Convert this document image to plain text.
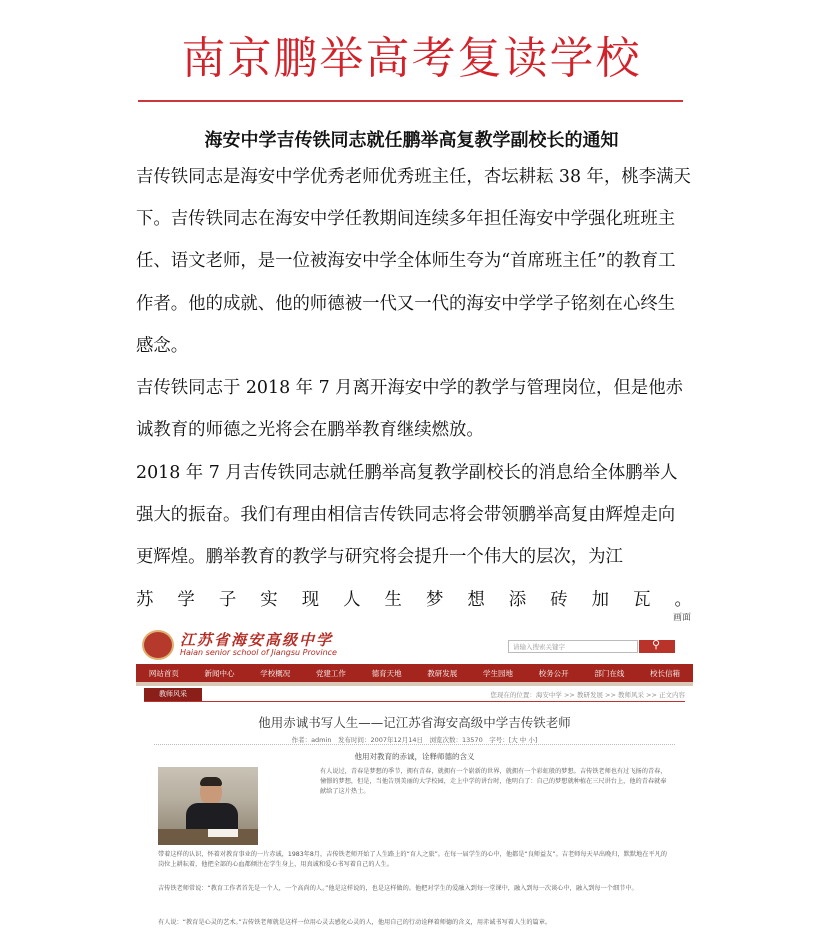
南京鹏举高考复读学校
海安中学吉传铁同志就任鹏举高复教学副校长的通知
吉传铁同志是海安中学优秀老师优秀班主任，杏坛耕耘 38 年，桃李满天下。吉传铁同志在海安中学任教期间连续多年担任海安中学强化班班主任、语文老师，是一位被海安中学全体师生夸为“首席班主任”的教育工作者。他的成就、他的师德被一代又一代的海安中学学子铭刻在心终生感念。
吉传铁同志于 2018 年 7 月离开海安中学的教学与管理岗位，但是他赤诚教育的师德之光将会在鹏举教育继续燃放。
2018 年 7 月吉传铁同志就任鹏举高复教学副校长的消息给全体鹏举人强大的振奋。我们有理由相信吉传铁同志将会带领鹏举高复由辉煌走向更辉煌。鹏举教育的教学与研究将会提升一个伟大的层次，为江
苏 学 子 实 现 人 生 梦 想 添 砖 加 瓦 。
画面
江苏省海安高级中学
Haian senior school of Jiangsu Province
请输入搜索关键字
⚲
网站首页	新闻中心	学校概况	党建工作	德育天地	教研发展	学生园地	校务公开	部门在线	校长信箱
教师风采	您现在的位置：海安中学 >> 教研发展 >> 教师风采 >> 正文内容
他用赤诚书写人生——记江苏省海安高级中学吉传铁老师
作者：admin　发布时间：2007年12月14日　浏览次数：13570　字号：[大 中 小]
他用对教育的赤诚，诠释师德的含义
有人说过，青春是梦想的季节，拥有青春，就拥有一个崭新的世界，就拥有一个彩虹般的梦想。吉传铁老师也有过飞扬的青春，憧憬的梦想，但是，当他告别美丽的大学校园，走上中学的讲台时，他明白了：自己的梦想就种植在三尺讲台上，他的青春就奉献给了这片热土。
带着这样的认识，怀着对教育事业的一片赤诚，1983年8月，吉传铁老师开始了人生路上的“育人之旅”。在每一届学生的心中，他都是“良师益友”。吉老师每天早出晚归，默默地在平凡的岗位上耕耘着，他把全部的心血都倾注在学生身上，用真诚和爱心书写着自己的人生。
吉传铁老师常说：“教育工作者首先是一个人，一个高尚的人。”他是这样说的，也是这样做的。他把对学生的爱融入到每一堂课中，融入到每一次谈心中，融入到每一个细节中。
有人说：“教育是心灵的艺术。”吉传铁老师就是这样一位用心灵去感化心灵的人，他用自己的行动诠释着师德的含义，用赤诚书写着人生的篇章。
